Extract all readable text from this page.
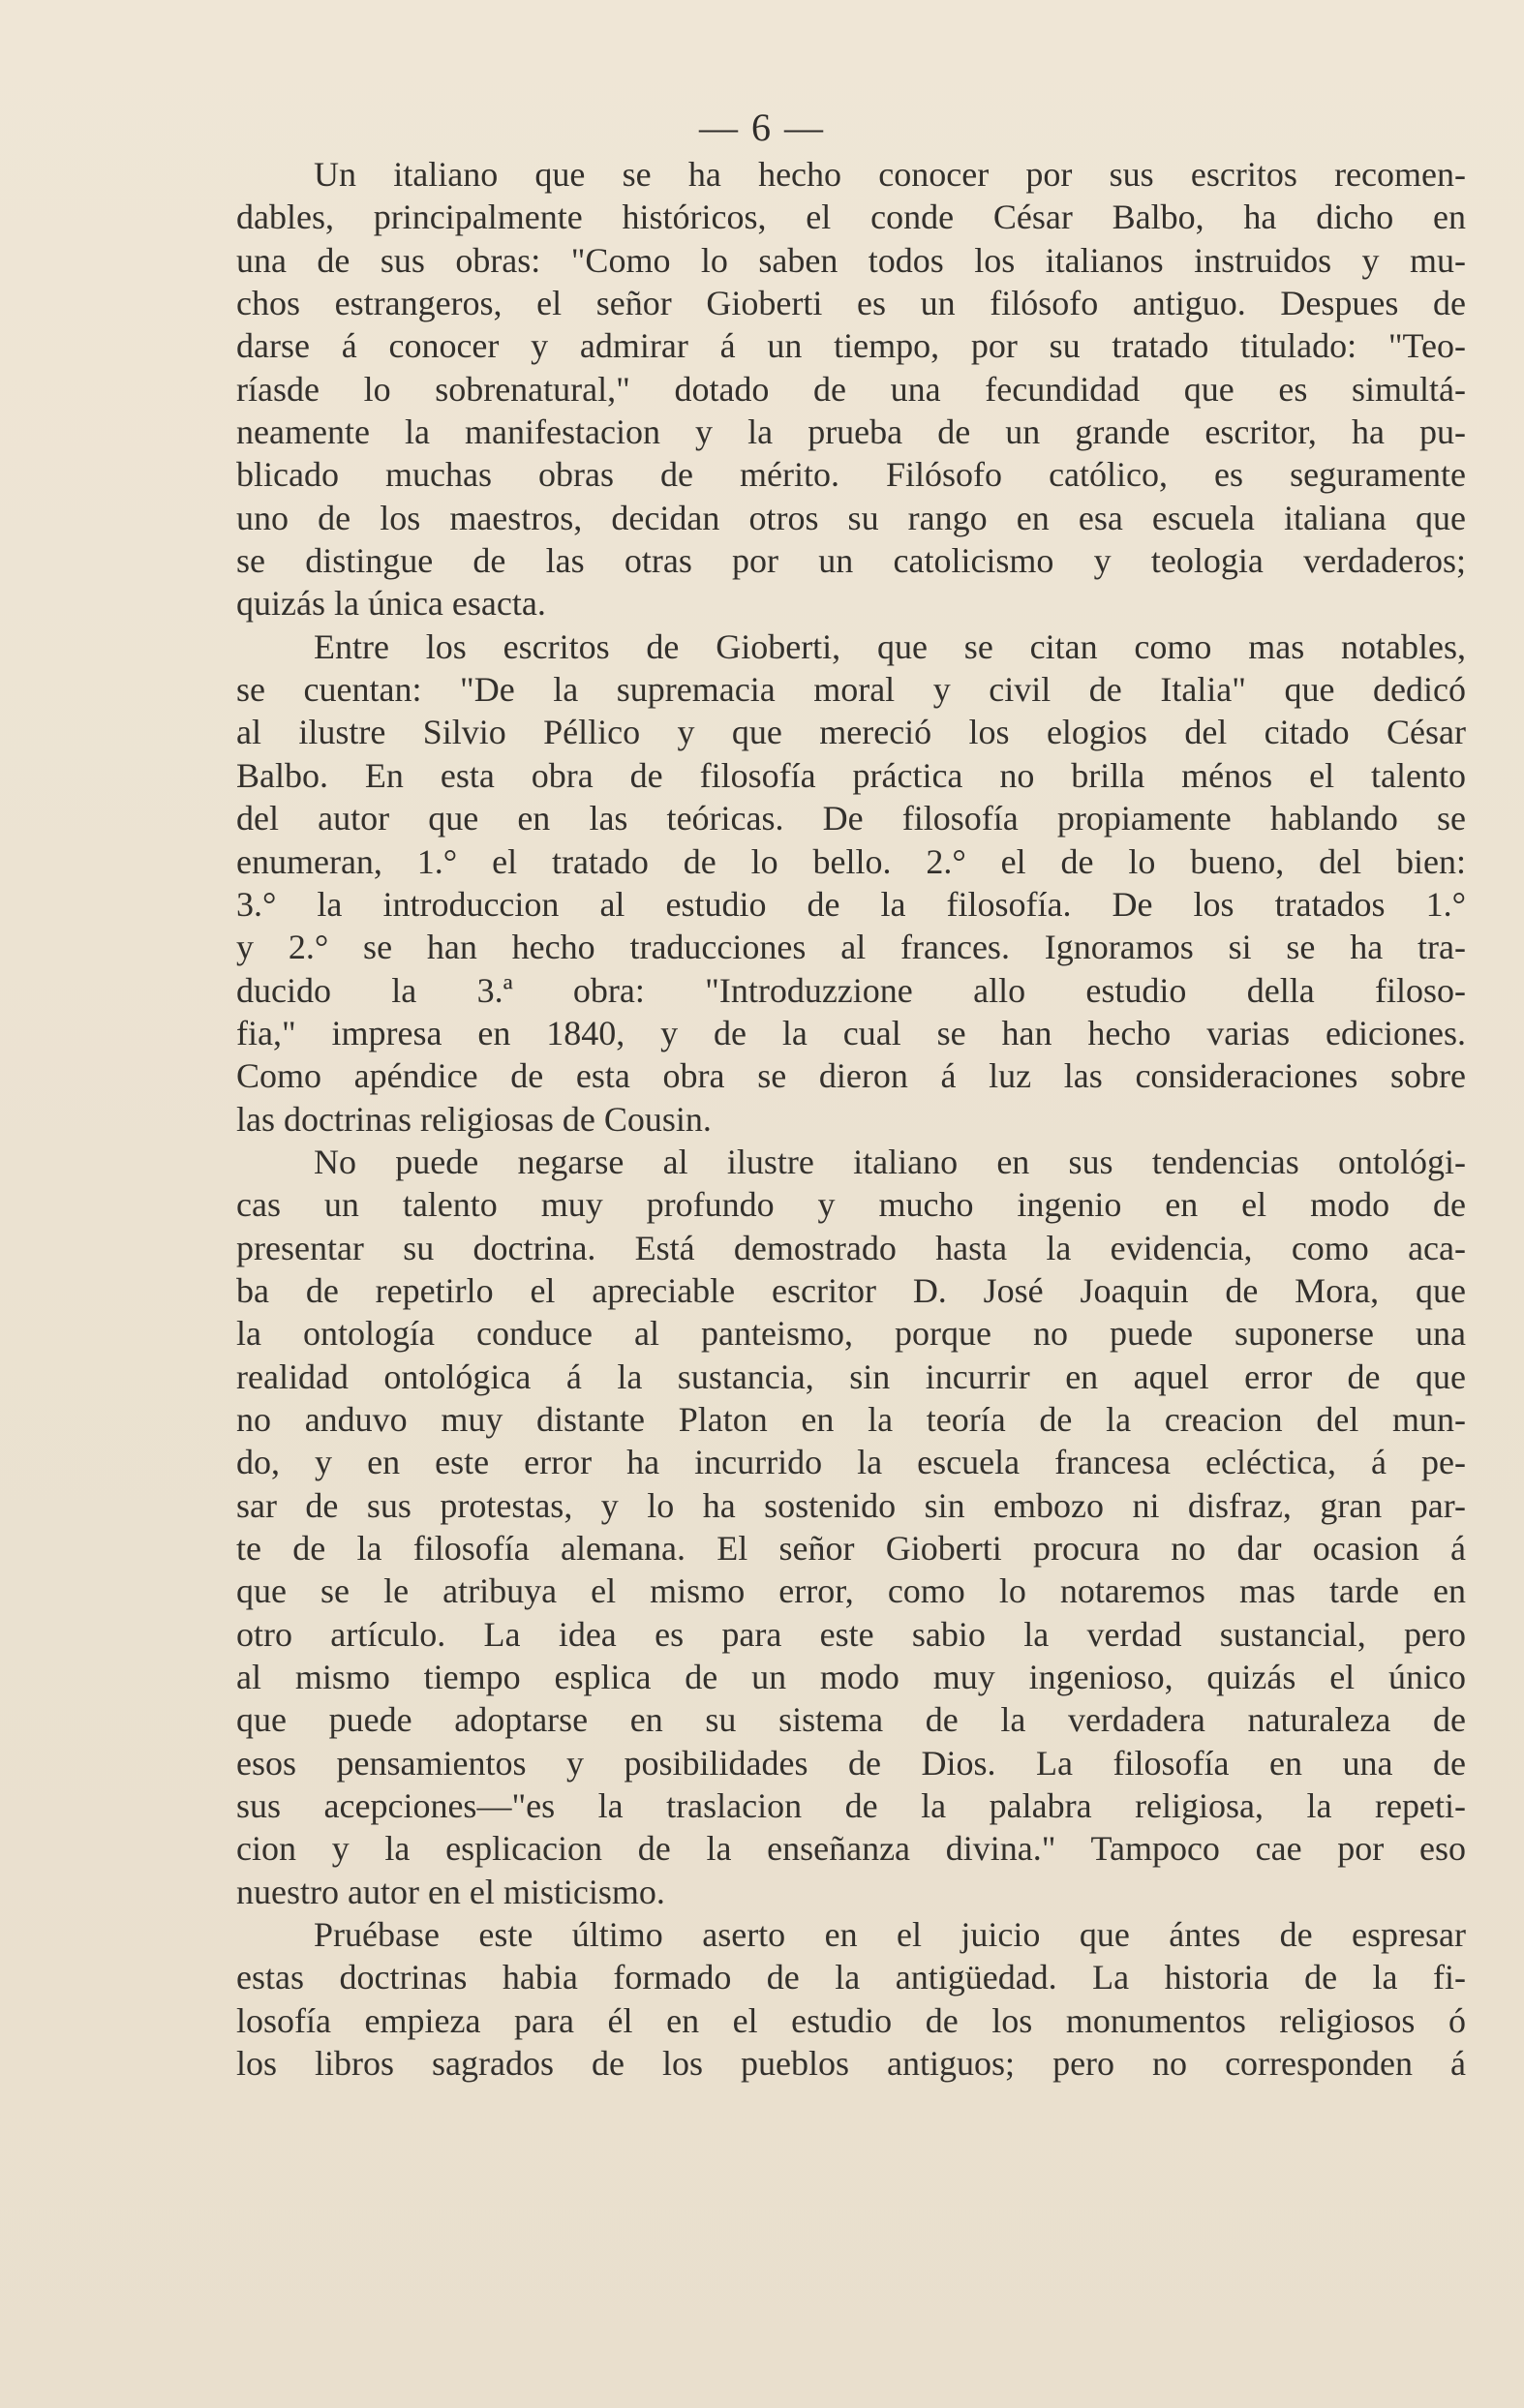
— 6 —
Un italiano que se ha hecho conocer por sus escritos recomen-
dables, principalmente históricos, el conde César Balbo, ha dicho en
una de sus obras: "Como lo saben todos los italianos instruidos y mu-
chos estrangeros, el señor Gioberti es un filósofo antiguo. Despues de
darse á conocer y admirar á un tiempo, por su tratado titulado: "Teo-
ríasde lo sobrenatural," dotado de una fecundidad que es simultá-
neamente la manifestacion y la prueba de un grande escritor, ha pu-
blicado muchas obras de mérito. Filósofo católico, es seguramente
uno de los maestros, decidan otros su rango en esa escuela italiana que
se distingue de las otras por un catolicismo y teologia verdaderos;
quizás la única esacta.
Entre los escritos de Gioberti, que se citan como mas notables,
se cuentan: "De la supremacia moral y civil de Italia" que dedicó
al ilustre Silvio Péllico y que mereció los elogios del citado César
Balbo. En esta obra de filosofía práctica no brilla ménos el talento
del autor que en las teóricas. De filosofía propiamente hablando se
enumeran, 1.° el tratado de lo bello. 2.° el de lo bueno, del bien:
3.° la introduccion al estudio de la filosofía. De los tratados 1.°
y 2.° se han hecho traducciones al frances. Ignoramos si se ha tra-
ducido la 3.ª obra: "Introduzzione allo estudio della filoso-
fia," impresa en 1840, y de la cual se han hecho varias ediciones.
Como apéndice de esta obra se dieron á luz las consideraciones sobre
las doctrinas religiosas de Cousin.
No puede negarse al ilustre italiano en sus tendencias ontológi-
cas un talento muy profundo y mucho ingenio en el modo de
presentar su doctrina. Está demostrado hasta la evidencia, como aca-
ba de repetirlo el apreciable escritor D. José Joaquin de Mora, que
la ontología conduce al panteismo, porque no puede suponerse una
realidad ontológica á la sustancia, sin incurrir en aquel error de que
no anduvo muy distante Platon en la teoría de la creacion del mun-
do, y en este error ha incurrido la escuela francesa ecléctica, á pe-
sar de sus protestas, y lo ha sostenido sin embozo ni disfraz, gran par-
te de la filosofía alemana. El señor Gioberti procura no dar ocasion á
que se le atribuya el mismo error, como lo notaremos mas tarde en
otro artículo. La idea es para este sabio la verdad sustancial, pero
al mismo tiempo esplica de un modo muy ingenioso, quizás el único
que puede adoptarse en su sistema de la verdadera naturaleza de
esos pensamientos y posibilidades de Dios. La filosofía en una de
sus acepciones—"es la traslacion de la palabra religiosa, la repeti-
cion y la esplicacion de la enseñanza divina." Tampoco cae por eso
nuestro autor en el misticismo.
Pruébase este último aserto en el juicio que ántes de espresar
estas doctrinas habia formado de la antigüedad. La historia de la fi-
losofía empieza para él en el estudio de los monumentos religiosos ó
los libros sagrados de los pueblos antiguos; pero no corresponden á
